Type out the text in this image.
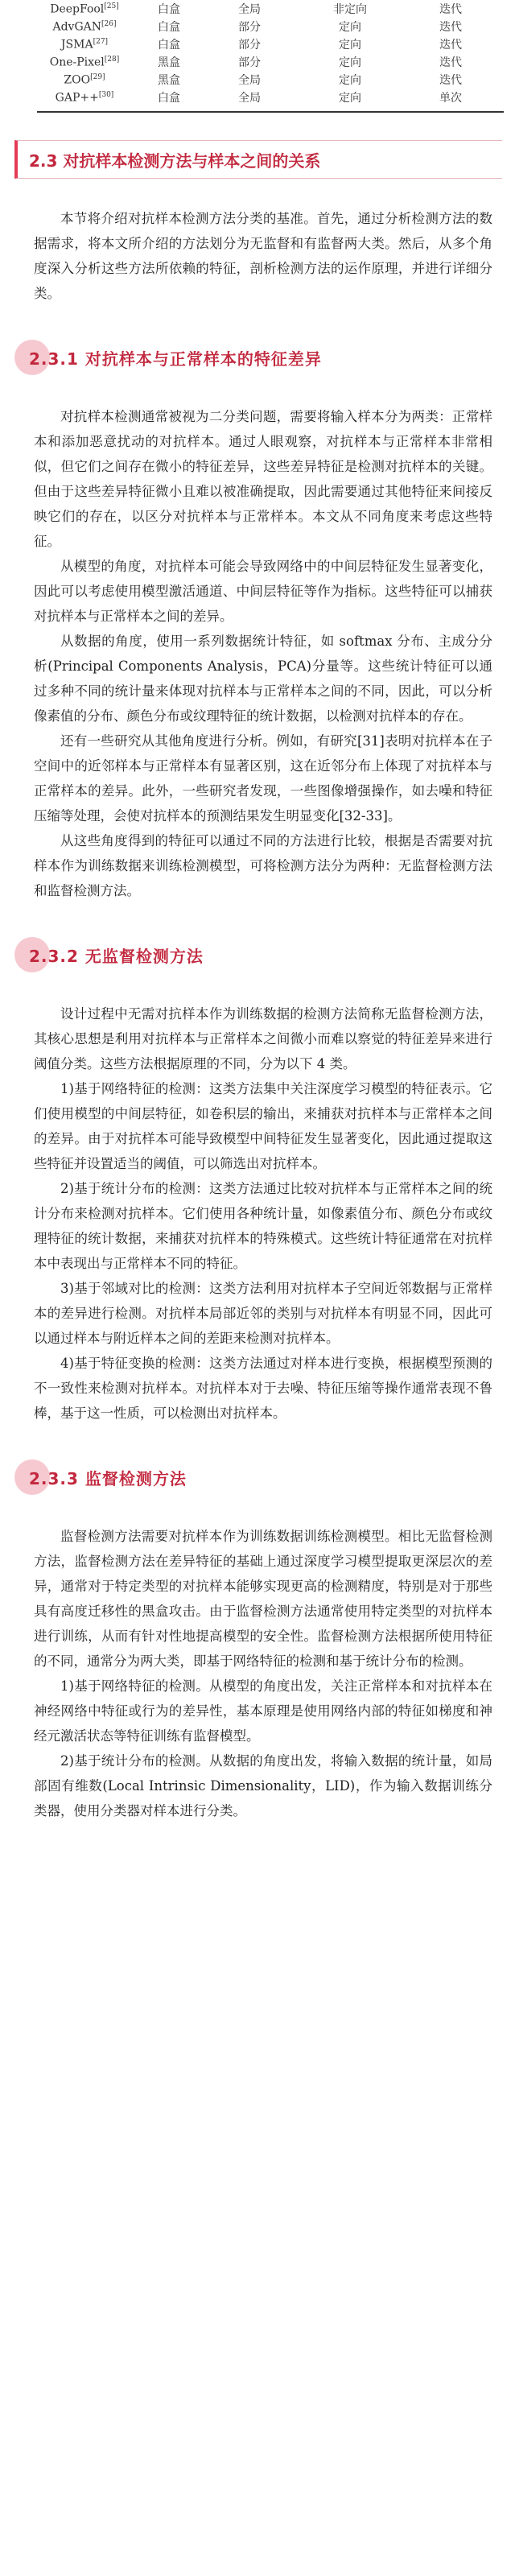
DeepFool[25]	白盒	全局	非定向	迭代
AdvGAN[26]	白盒	部分	定向	迭代
JSMA[27]	白盒	部分	定向	迭代
One-Pixel[28]	黑盒	部分	定向	迭代
ZOO[29]	黑盒	全局	定向	迭代
GAP++[30]	白盒	全局	定向	单次
2.3 对抗样本检测方法与样本之间的关系

本节将介绍对抗样本检测方法分类的基准。首先，通过分析检测方法的数据需求，将本文所介绍的方法划分为无监督和有监督两大类。然后，从多个角度深入分析这些方法所依赖的特征，剖析检测方法的运作原理，并进行详细分类。

2.3.1 对抗样本与正常样本的特征差异

对抗样本检测通常被视为二分类问题，需要将输入样本分为两类：正常样本和添加恶意扰动的对抗样本。通过人眼观察，对抗样本与正常样本非常相似，但它们之间存在微小的特征差异，这些差异特征是检测对抗样本的关键。但由于这些差异特征微小且难以被准确提取，因此需要通过其他特征来间接反映它们的存在，以区分对抗样本与正常样本。本文从不同角度来考虑这些特征。

从模型的角度，对抗样本可能会导致网络中的中间层特征发生显著变化，因此可以考虑使用模型激活通道、中间层特征等作为指标。这些特征可以捕获对抗样本与正常样本之间的差异。

从数据的角度，使用一系列数据统计特征，如 softmax 分布、主成分分析(Principal Components Analysis，PCA)分量等。这些统计特征可以通过多种不同的统计量来体现对抗样本与正常样本之间的不同，因此，可以分析像素值的分布、颜色分布或纹理特征的统计数据，以检测对抗样本的存在。

还有一些研究从其他角度进行分析。例如，有研究[31]表明对抗样本在子空间中的近邻样本与正常样本有显著区别，这在近邻分布上体现了对抗样本与正常样本的差异。此外，一些研究者发现，一些图像增强操作，如去噪和特征压缩等处理，会使对抗样本的预测结果发生明显变化[32-33]。

从这些角度得到的特征可以通过不同的方法进行比较，根据是否需要对抗样本作为训练数据来训练检测模型，可将检测方法分为两种：无监督检测方法和监督检测方法。

2.3.2 无监督检测方法

设计过程中无需对抗样本作为训练数据的检测方法简称无监督检测方法，其核心思想是利用对抗样本与正常样本之间微小而难以察觉的特征差异来进行阈值分类。这些方法根据原理的不同，分为以下 4 类。

1)基于网络特征的检测：这类方法集中关注深度学习模型的特征表示。它们使用模型的中间层特征，如卷积层的输出，来捕获对抗样本与正常样本之间的差异。由于对抗样本可能导致模型中间特征发生显著变化，因此通过提取这些特征并设置适当的阈值，可以筛选出对抗样本。

2)基于统计分布的检测：这类方法通过比较对抗样本与正常样本之间的统计分布来检测对抗样本。它们使用各种统计量，如像素值分布、颜色分布或纹理特征的统计数据，来捕获对抗样本的特殊模式。这些统计特征通常在对抗样本中表现出与正常样本不同的特征。

3)基于邻域对比的检测：这类方法利用对抗样本子空间近邻数据与正常样本的差异进行检测。对抗样本局部近邻的类别与对抗样本有明显不同，因此可以通过样本与附近样本之间的差距来检测对抗样本。

4)基于特征变换的检测：这类方法通过对样本进行变换，根据模型预测的不一致性来检测对抗样本。对抗样本对于去噪、特征压缩等操作通常表现不鲁棒，基于这一性质，可以检测出对抗样本。

2.3.3 监督检测方法

监督检测方法需要对抗样本作为训练数据训练检测模型。相比无监督检测方法，监督检测方法在差异特征的基础上通过深度学习模型提取更深层次的差异，通常对于特定类型的对抗样本能够实现更高的检测精度，特别是对于那些具有高度迁移性的黑盒攻击。由于监督检测方法通常使用特定类型的对抗样本进行训练，从而有针对性地提高模型的安全性。监督检测方法根据所使用特征的不同，通常分为两大类，即基于网络特征的检测和基于统计分布的检测。

1)基于网络特征的检测。从模型的角度出发，关注正常样本和对抗样本在神经网络中特征或行为的差异性，基本原理是使用网络内部的特征如梯度和神经元激活状态等特征训练有监督模型。

2)基于统计分布的检测。从数据的角度出发，将输入数据的统计量，如局部固有维数(Local Intrinsic Dimensionality，LID)，作为输入数据训练分类器，使用分类器对样本进行分类。
